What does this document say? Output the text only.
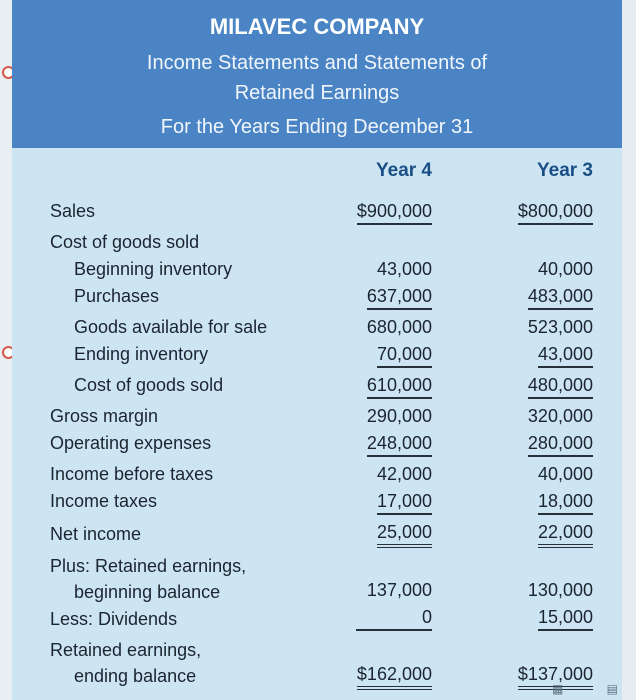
MILAVEC COMPANY
Income Statements and Statements of
Retained Earnings
For the Years Ending December 31
Year 4	Year 3
Sales	$900,000	$800,000
Cost of goods sold
Beginning inventory	43,000	40,000
Purchases	637,000	483,000
Goods available for sale	680,000	523,000
Ending inventory	70,000	43,000
Cost of goods sold	610,000	480,000
Gross margin	290,000	320,000
Operating expenses	248,000	280,000
Income before taxes	42,000	40,000
Income taxes	17,000	18,000
Net income	25,000	22,000
Plus: Retained earnings,
beginning balance	137,000	130,000
Less: Dividends	0	15,000
Retained earnings,
ending balance	$162,000	$137,000
▦	▤
